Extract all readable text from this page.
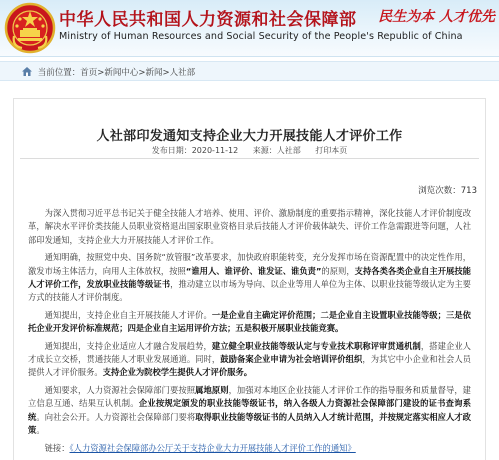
中华人民共和国人力资源和社会保障部
Ministry of Human Resources and Social Security of the People's Republic of China
民生为本 人才优先
当前位置：首页>新闻中心>新闻>人社部
人社部印发通知支持企业大力开展技能人才评价工作
发布日期：2020-11-12 来源：人社部 打印本页
浏览次数：713

为深入贯彻习近平总书记关于健全技能人才培养、使用、评价、激励制度的重要指示精神，深化技能人才评价制度改革，解决水平评价类技能人员职业资格退出国家职业资格目录后技能人才评价载体缺失、评价工作急需跟进等问题，人社部印发通知，支持企业大力开展技能人才评价工作。

通知明确，按照党中央、国务院“放管服”改革要求，加快政府职能转变，充分发挥市场在资源配置中的决定性作用，激发市场主体活力，向用人主体放权，按照“谁用人、谁评价、谁发证、谁负责”的原则，支持各类各类企业自主开展技能人才评价工作，发放职业技能等级证书，推动建立以市场为导向、以企业等用人单位为主体、以职业技能等级认定为主要方式的技能人才评价制度。

通知提出，支持企业自主开展技能人才评价。一是企业自主确定评价范围；二是企业自主设置职业技能等级；三是依托企业开发评价标准规范；四是企业自主运用评价方法；五是积极开展职业技能竞赛。

通知提出，支持企业适应人才融合发展趋势，建立健全职业技能等级认定与专业技术职称评审贯通机制，搭建企业人才成长立交桥，贯通技能人才职业发展通道。同时，鼓励备案企业申请为社会培训评价组织，为其它中小企业和社会人员提供人才评价服务。支持企业为院校学生提供人才评价服务。

通知要求，人力资源社会保障部门要按照属地原则，加强对本地区企业技能人才评价工作的指导服务和质量督导，建立信息互通、结果互认机制。企业按规定颁发的职业技能等级证书，纳入各级人力资源社会保障部门建设的证书查询系统。向社会公开。人力资源社会保障部门要将取得职业技能等级证书的人员纳入人才统计范围，并按规定落实相应人才政策。

链接：《人力资源社会保障部办公厅关于支持企业大力开展技能人才评价工作的通知》
